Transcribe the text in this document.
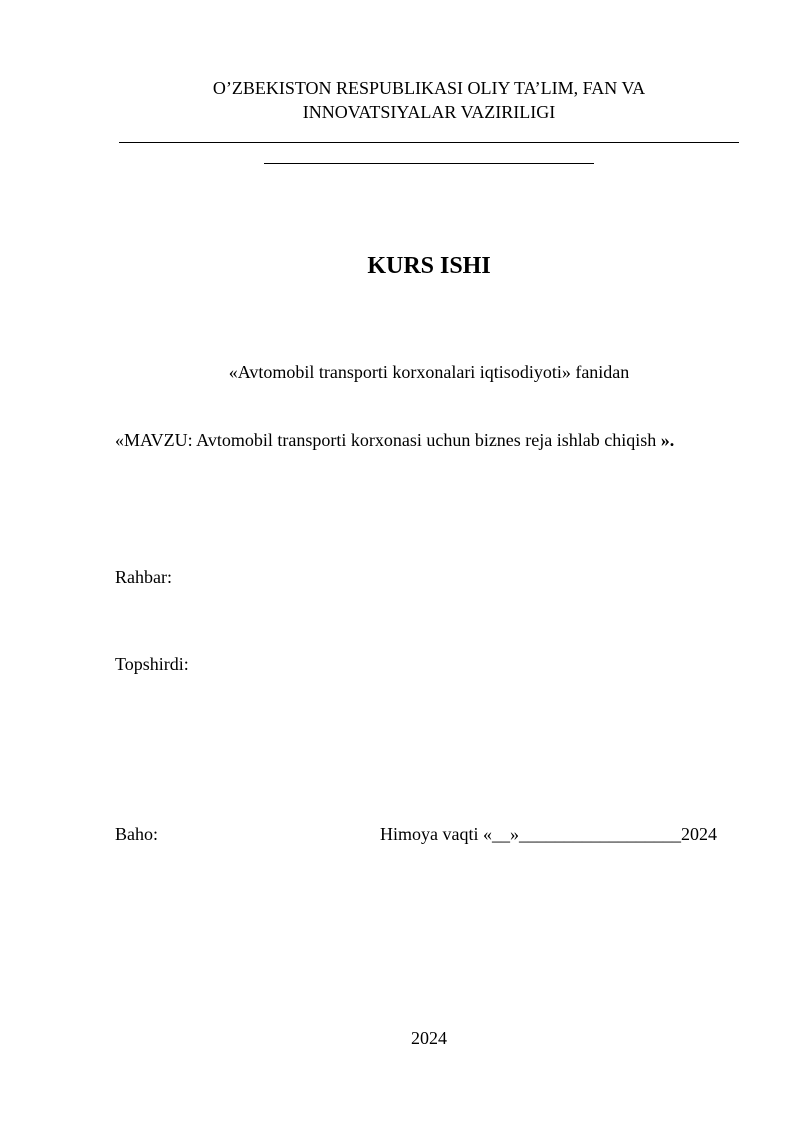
O’ZBEKISTON RESPUBLIKASI OLIY TA’LIM, FAN VA
INNOVATSIYALAR VAZIRILIGI
KURS ISHI
«Avtomobil transporti korxonalari iqtisodiyoti» fanidan
«MAVZU: Avtomobil transporti korxonasi uchun biznes reja ishlab chiqish ».
Rahbar:
Topshirdi:
Baho:	Himoya vaqti «__»__________________2024
2024
